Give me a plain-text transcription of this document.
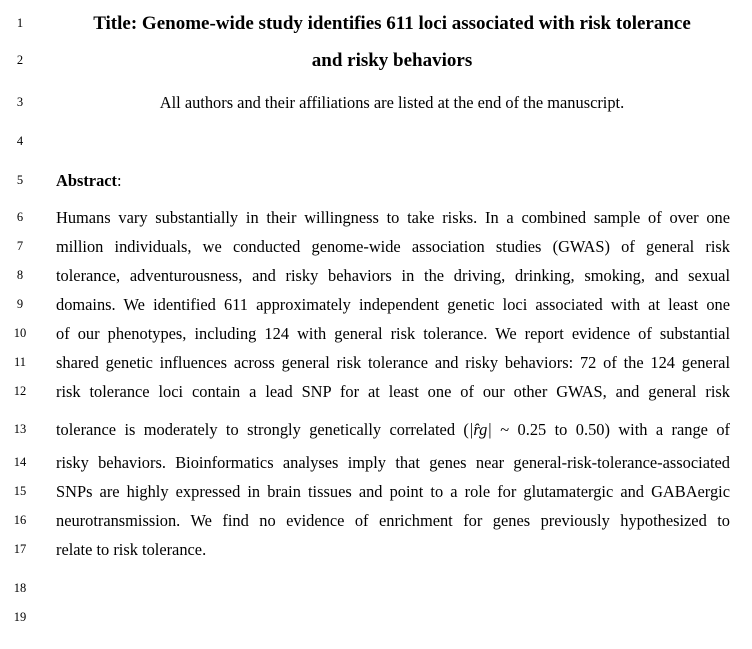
1	Title: Genome-wide study identifies 611 loci associated with risk tolerance
2	and risky behaviors
3	All authors and their affiliations are listed at the end of the manuscript.
4
5	Abstract:
6	Humans vary substantially in their willingness to take risks. In a combined sample of over one
7	million individuals, we conducted genome-wide association studies (GWAS) of general risk
8	tolerance, adventurousness, and risky behaviors in the driving, drinking, smoking, and sexual
9	domains. We identified 611 approximately independent genetic loci associated with at least one
10	of our phenotypes, including 124 with general risk tolerance. We report evidence of substantial
11	shared genetic influences across general risk tolerance and risky behaviors: 72 of the 124 general
12	risk tolerance loci contain a lead SNP for at least one of our other GWAS, and general risk
13	tolerance is moderately to strongly genetically correlated (|r̂g| ~ 0.25 to 0.50) with a range of
14	risky behaviors. Bioinformatics analyses imply that genes near general-risk-tolerance-associated
15	SNPs are highly expressed in brain tissues and point to a role for glutamatergic and GABAergic
16	neurotransmission. We find no evidence of enrichment for genes previously hypothesized to
17	relate to risk tolerance.
18
19
